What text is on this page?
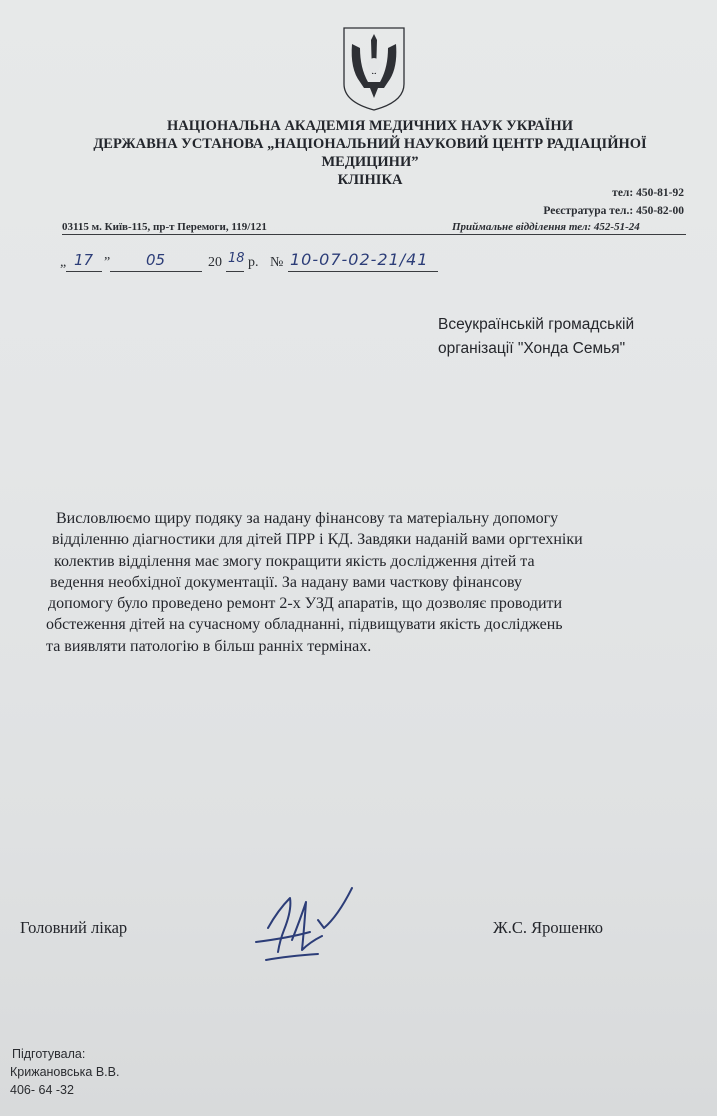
НАЦІОНАЛЬНА АКАДЕМІЯ МЕДИЧНИХ НАУК УКРАЇНИ
ДЕРЖАВНА УСТАНОВА „НАЦІОНАЛЬНИЙ НАУКОВИЙ ЦЕНТР РАДІАЦІЙНОЇ
МЕДИЦИНИ”
КЛІНІКА
тел: 450-81-92
Реєстратура тел.: 450-82-00
03115 м. Київ-115, пр-т Перемоги, 119/121	Приймальне відділення тел: 452-51-24
„ 17 ” 05	20 18 р. № 10-07-02-21/41
Всеукраїнській громадській
організації "Хонда Семья"

Висловлюємо щиру подяку за надану фінансову та матеріальну допомогу

відділенню діагностики для дітей ПРР і КД. Завдяки наданій вами оргтехніки

колектив відділення має змогу покращити якість дослідження дітей та

ведення необхідної документації. За надану вами часткову фінансову

допомогу було проведено ремонт 2-х УЗД апаратів, що дозволяє проводити

обстеження дітей на сучасному обладнанні, підвищувати якість досліджень

та виявляти патологію в більш ранніх термінах.

Головний лікар	Ж.С. Ярошенко
Підготувала:
Крижановська В.В.
406- 64 -32
